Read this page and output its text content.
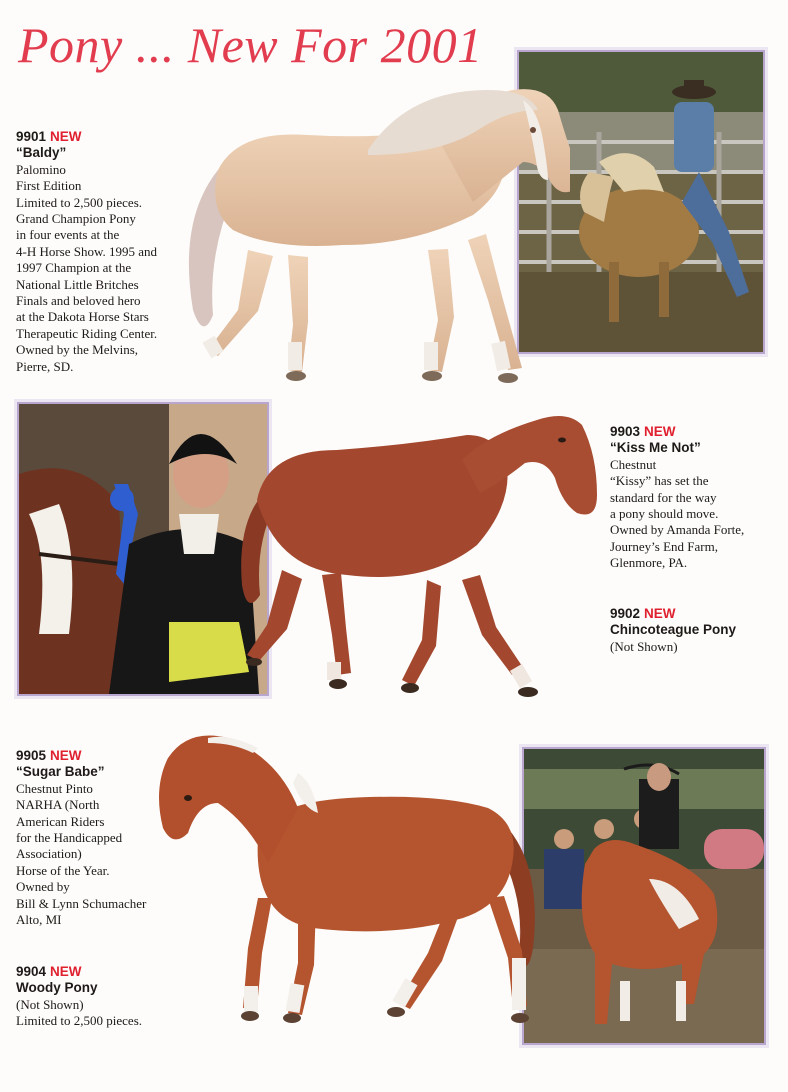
Pony ... New For 2001
9901 NEW
“Baldy”
Palomino
First Edition
Limited to 2,500 pieces.
Grand Champion Pony
in four events at the
4-H Horse Show. 1995 and
1997 Champion at the
National Little Britches
Finals and beloved hero
at the Dakota Horse Stars
Therapeutic Riding Center.
Owned by the Melvins,
Pierre, SD.
9903 NEW
“Kiss Me Not”
Chestnut
“Kissy” has set the
standard for the way
a pony should move.
Owned by Amanda Forte,
Journey’s End Farm,
Glenmore, PA.
9902 NEW
Chincoteague Pony
(Not Shown)
9905 NEW
“Sugar Babe”
Chestnut Pinto
NARHA (North
American Riders
for the Handicapped
Association)
Horse of the Year.
Owned by
Bill & Lynn Schumacher
Alto, MI
9904 NEW
Woody Pony
(Not Shown)
Limited to 2,500 pieces.
